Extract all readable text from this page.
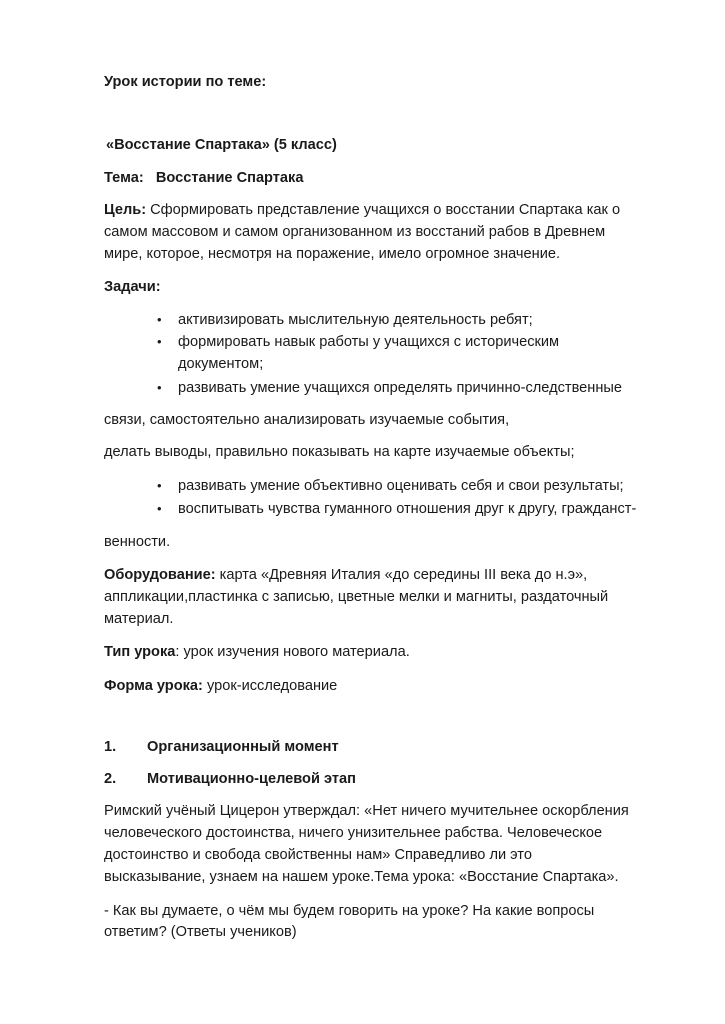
Урок истории по теме:
«Восстание Спартака» (5 класс)
Тема: Восстание Спартака
Цель: Сформировать представление учащихся о восстании Спартака как о
самом массовом и самом организованном из восстаний рабов в Древнем
мире, которое, несмотря на поражение, имело огромное значение.
Задачи:
• активизировать мыслительную деятельность ребят;
• формировать навык работы у учащихся с историческим
документом;
• развивать умение учащихся определять причинно-следственные
связи, самостоятельно анализировать изучаемые события,
делать выводы, правильно показывать на карте изучаемые объекты;
• развивать умение объективно оценивать себя и свои результаты;
• воспитывать чувства гуманного отношения друг к другу, гражданст-
венности.
Оборудование: карта «Древняя Италия «до середины III века до н.э»,
аппликации,пластинка с записью, цветные мелки и магниты, раздаточный
материал.
Тип урока: урок изучения нового материала.
Форма урока: урок-исследование
1. Организационный момент
2. Мотивационно-целевой этап
Римский учёный Цицерон утверждал: «Нет ничего мучительнее оскорбления
человеческого достоинства, ничего унизительнее рабства. Человеческое
достоинство и свобода свойственны нам» Справедливо ли это
высказывание, узнаем на нашем уроке.Тема урока: «Восстание Спартака».
- Как вы думаете, о чём мы будем говорить на уроке? На какие вопросы
ответим? (Ответы учеников)
